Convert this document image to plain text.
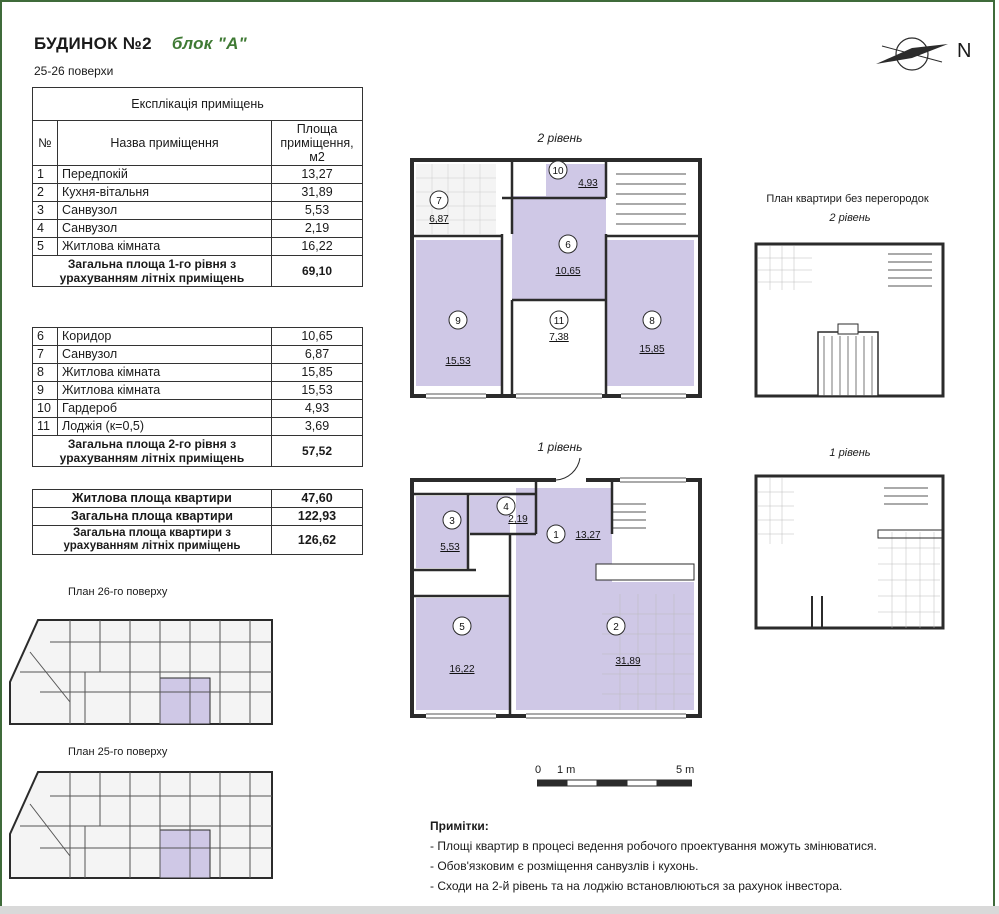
БУДИНОК №2 блок "А"
25-26 поверхи
Експлікація приміщень		
№	Назва приміщення	Площа приміщення, м2
1	Передпокій	13,27
2	Кухня-вітальня	31,89
3	Санвузол	5,53
4	Санвузол	2,19
5	Житлова кімната	16,22
Загальна площа 1-го рівня з урахуванням літніх приміщень		69,10
6	Коридор	10,65
7	Санвузол	6,87
8	Житлова кімната	15,85
9	Житлова кімната	15,53
10	Гардероб	4,93
11	Лоджія (к=0,5)	3,69
Загальна площа 2-го рівня з урахуванням літніх приміщень		57,52
Житлова площа квартири	47,60
Загальна площа квартири	122,93
Загальна площа квартири з урахуванням літніх приміщень	126,62
План 26-го поверху
План 25-го поверху
2 рівень
10
4,93
7
6,87
6
10,65
9
15,53
11
7,38
8
15,85
1 рівень
4
2,19
3
5,53
1 13,27
5
16,22
2
31,89
План квартири без перегородок
2 рівень
1 рівень
N
0 1 m	5 m
Примітки:
- Площі квартир в процесі ведення робочого проектування можуть змінюватися.
- Обов'язковим є розміщення санвузлів і кухонь.
- Сходи на 2-й рівень та на лоджію встановлюються за рахунок інвестора.
